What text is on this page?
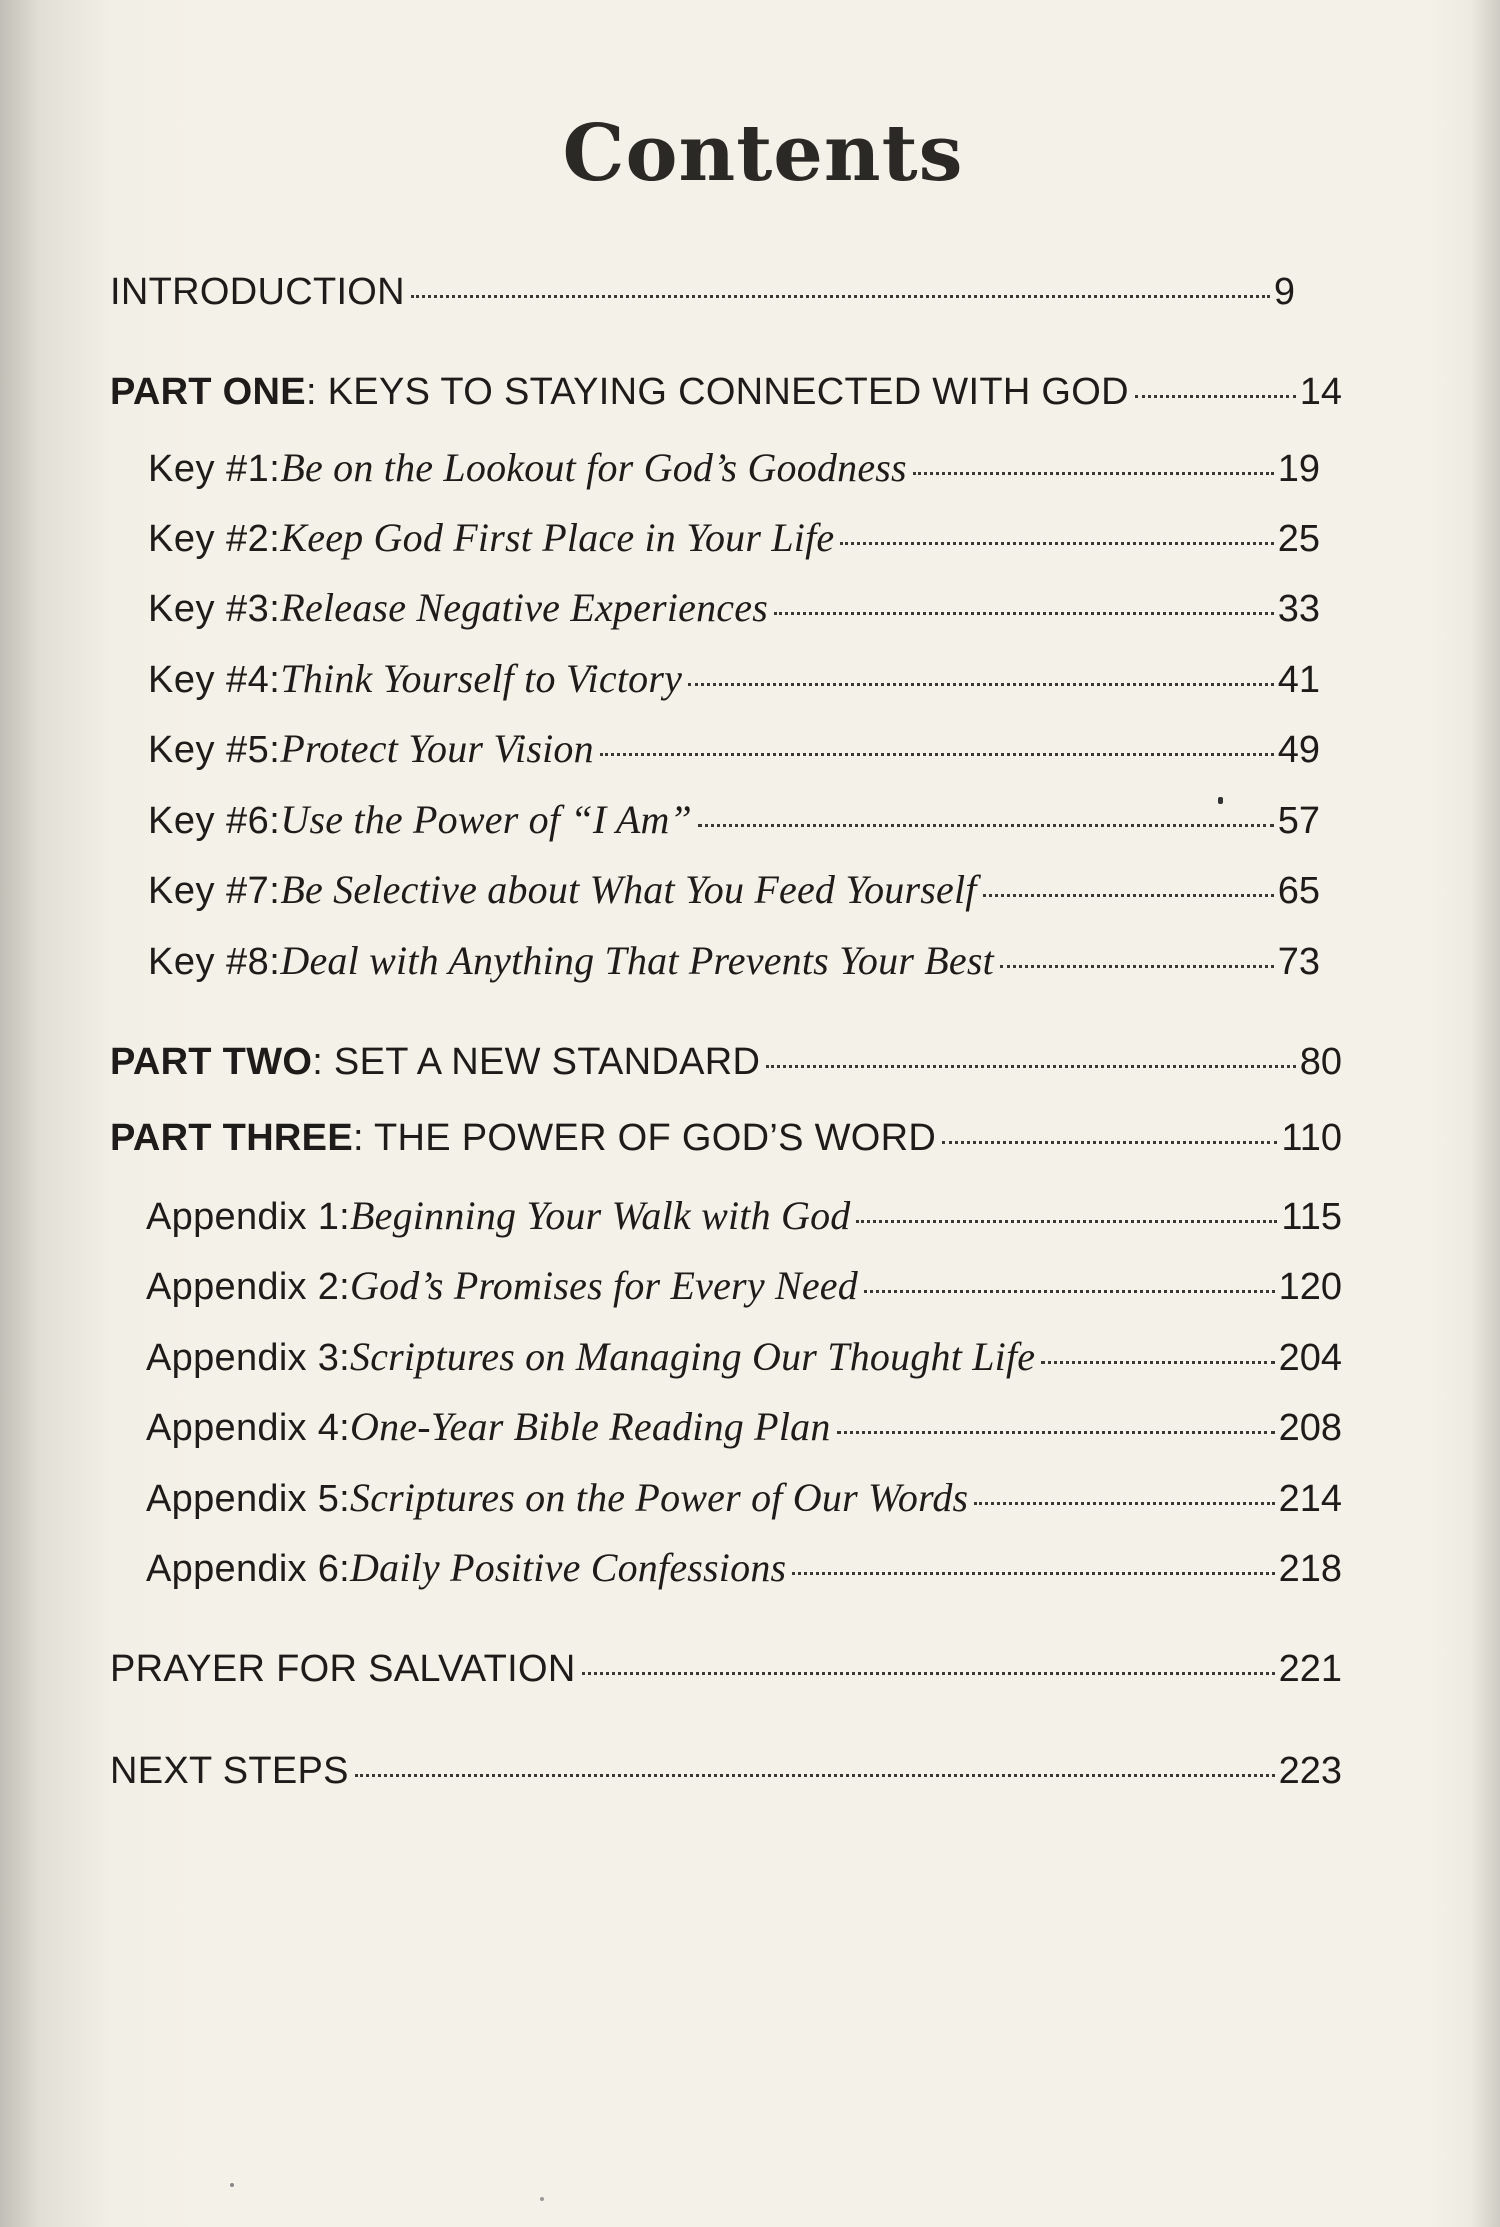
Contents
INTRODUCTION	9
PART ONE : KEYS TO STAYING CONNECTED WITH GOD	14
Key #1: Be on the Lookout for God’s Goodness	19
Key #2: Keep God First Place in Your Life	25
Key #3: Release Negative Experiences	33
Key #4: Think Yourself to Victory	41
Key #5: Protect Your Vision	49
Key #6: Use the Power of “I Am”	57
Key #7: Be Selective about What You Feed Yourself	65
Key #8: Deal with Anything That Prevents Your Best	73
PART TWO : SET A NEW STANDARD	80
PART THREE : THE POWER OF GOD’S WORD	110
Appendix 1: Beginning Your Walk with God	115
Appendix 2: God’s Promises for Every Need	120
Appendix 3: Scriptures on Managing Our Thought Life	204
Appendix 4: One-Year Bible Reading Plan	208
Appendix 5: Scriptures on the Power of Our Words	214
Appendix 6: Daily Positive Confessions	218
PRAYER FOR SALVATION	221
NEXT STEPS	223
